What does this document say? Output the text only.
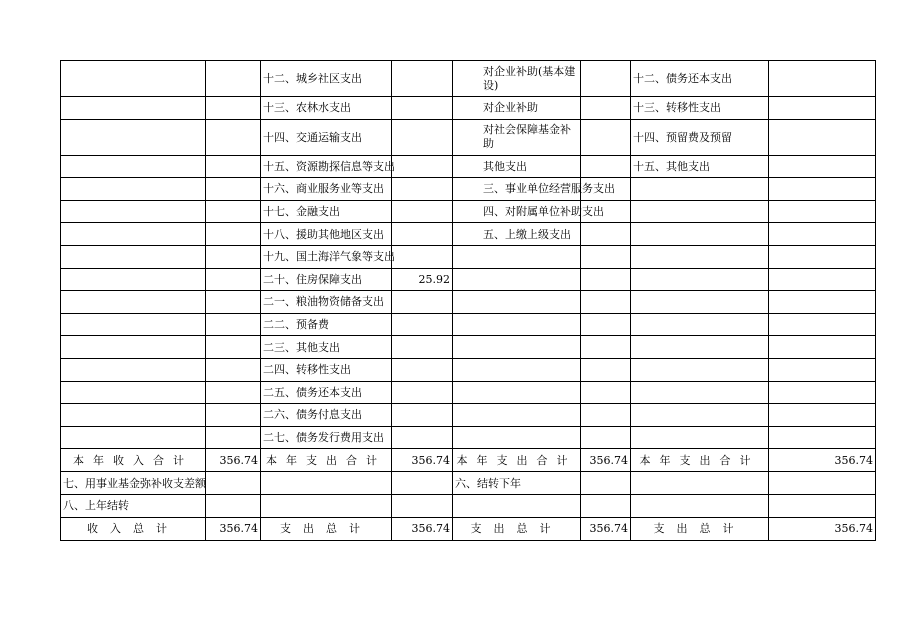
		十二、城乡社区支出		对企业补助(基本建设)		十二、债务还本支出	
		十三、农林水支出		对企业补助		十三、转移性支出	
		十四、交通运输支出		对社会保障基金补助		十四、预留费及预留	
		十五、资源勘探信息等支出		其他支出		十五、其他支出	
		十六、商业服务业等支出		三、事业单位经营服务支出			
		十七、金融支出		四、对附属单位补助支出			
		十八、援助其他地区支出		五、上缴上级支出			
		十九、国土海洋气象等支出					
		二十、住房保障支出	25.92				
		二一、粮油物资储备支出					
		二二、预备费					
		二三、其他支出					
		二四、转移性支出					
		二五、债务还本支出					
		二六、债务付息支出					
		二七、债务发行费用支出					
本年收入合计	356.74	本年支出合计	356.74	本年支出合计	356.74	本年支出合计	356.74
七、用事业基金弥补收支差额				六、结转下年			
八、上年结转							
收入总计	356.74	支出总计	356.74	支出总计	356.74	支出总计	356.74
